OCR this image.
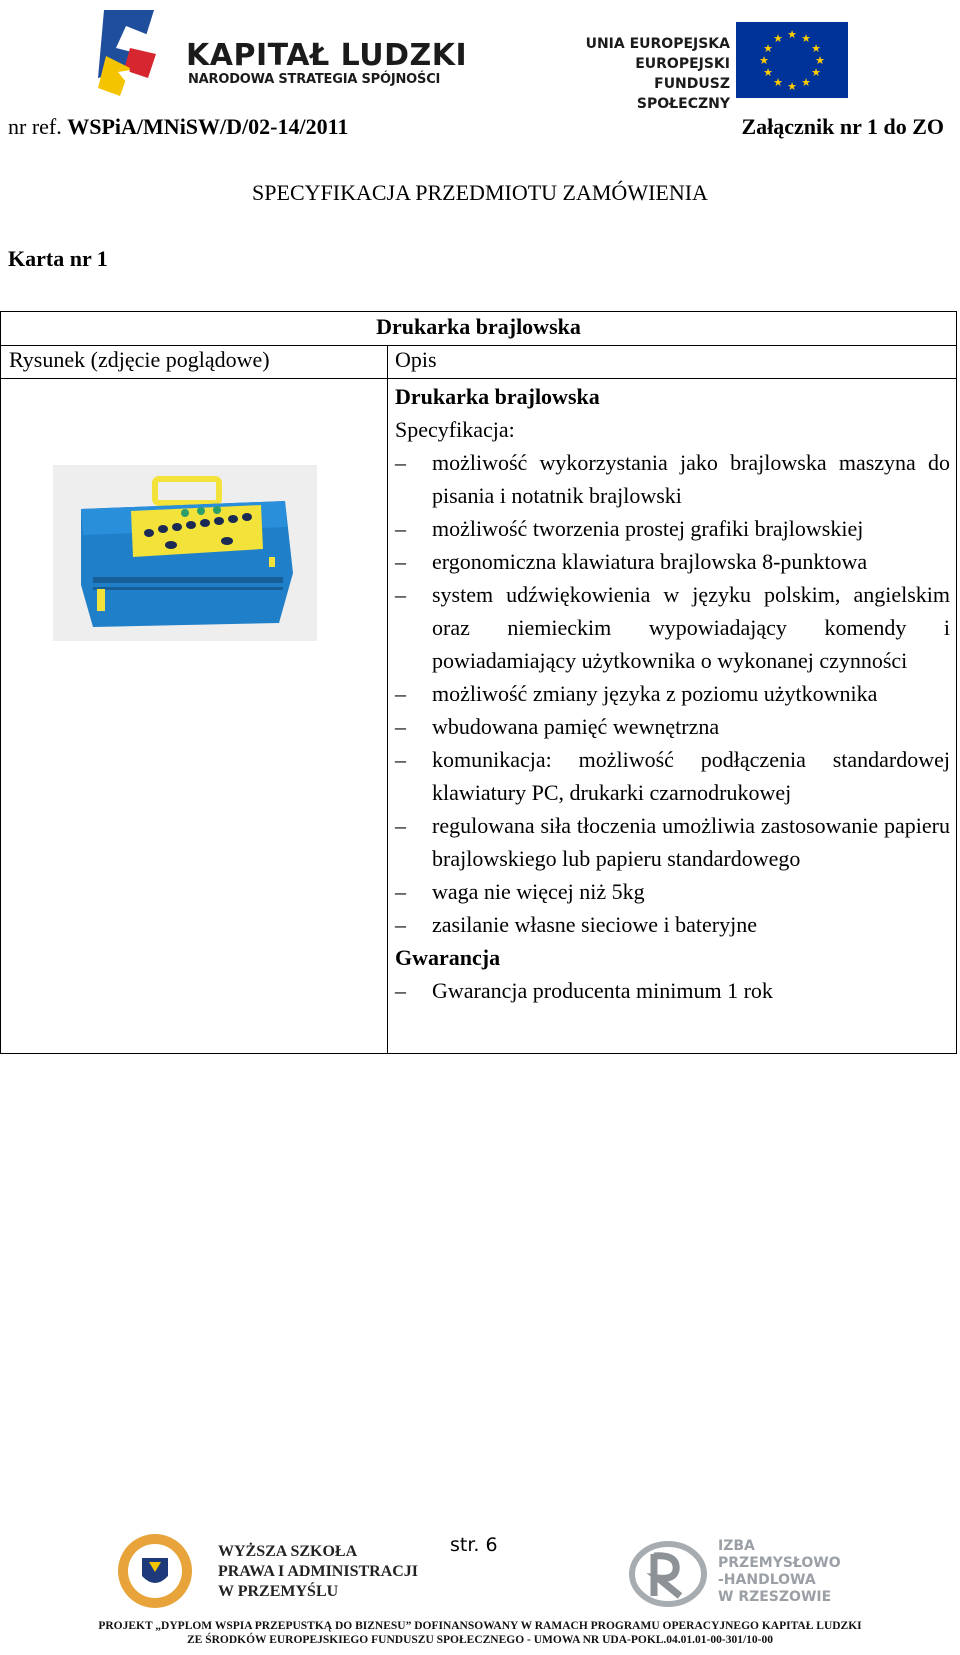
KAPITAŁ LUDZKI
NARODOWA STRATEGIA SPÓJNOŚCI
UNIA EUROPEJSKA
EUROPEJSKI
FUNDUSZ SPOŁECZNY
★ ★
★
★
★
★
★
★
★
★
★
★
nr ref. WSPiA/MNiSW/D/02-14/2011	Załącznik nr 1 do ZO
SPECYFIKACJA PRZEDMIOTU ZAMÓWIENIA
Karta nr 1
Drukarka brajlowska
Rysunek (zdjęcie poglądowe)	Opis
Drukarka brajlowska
Specyfikacja:
– możliwość wykorzystania jako brajlowska maszyna do pisania i notatnik brajlowski
– możliwość tworzenia prostej grafiki brajlowskiej
– ergonomiczna klawiatura brajlowska 8-punktowa
– system udźwiękowienia w języku polskim, angielskim oraz niemieckim wypowiadający komendy i powiadamiający użytkownika o wykonanej czynności
– możliwość zmiany języka z poziomu użytkownika
– wbudowana pamięć wewnętrzna
– komunikacja: możliwość podłączenia standardowej klawiatury PC, drukarki czarnodrukowej
– regulowana siła tłoczenia umożliwia zastosowanie papieru brajlowskiego lub papieru standardowego
– waga nie więcej niż 5kg
– zasilanie własne sieciowe i bateryjne
Gwarancja
– Gwarancja producenta minimum 1 rok
WYŻSZA SZKOŁA
PRAWA I ADMINISTRACJI
W PRZEMYŚLU
str. 6	IZBA
PRZEMYSŁOWO
-HANDLOWA
W RZESZOWIE
PROJEKT „DYPLOM WSPIA PRZEPUSTKĄ DO BIZNESU” DOFINANSOWANY W RAMACH PROGRAMU OPERACYJNEGO KAPITAŁ LUDZKI
ZE ŚRODKÓW EUROPEJSKIEGO FUNDUSZU SPOŁECZNEGO - UMOWA NR UDA-POKL.04.01.01-00-301/10-00
